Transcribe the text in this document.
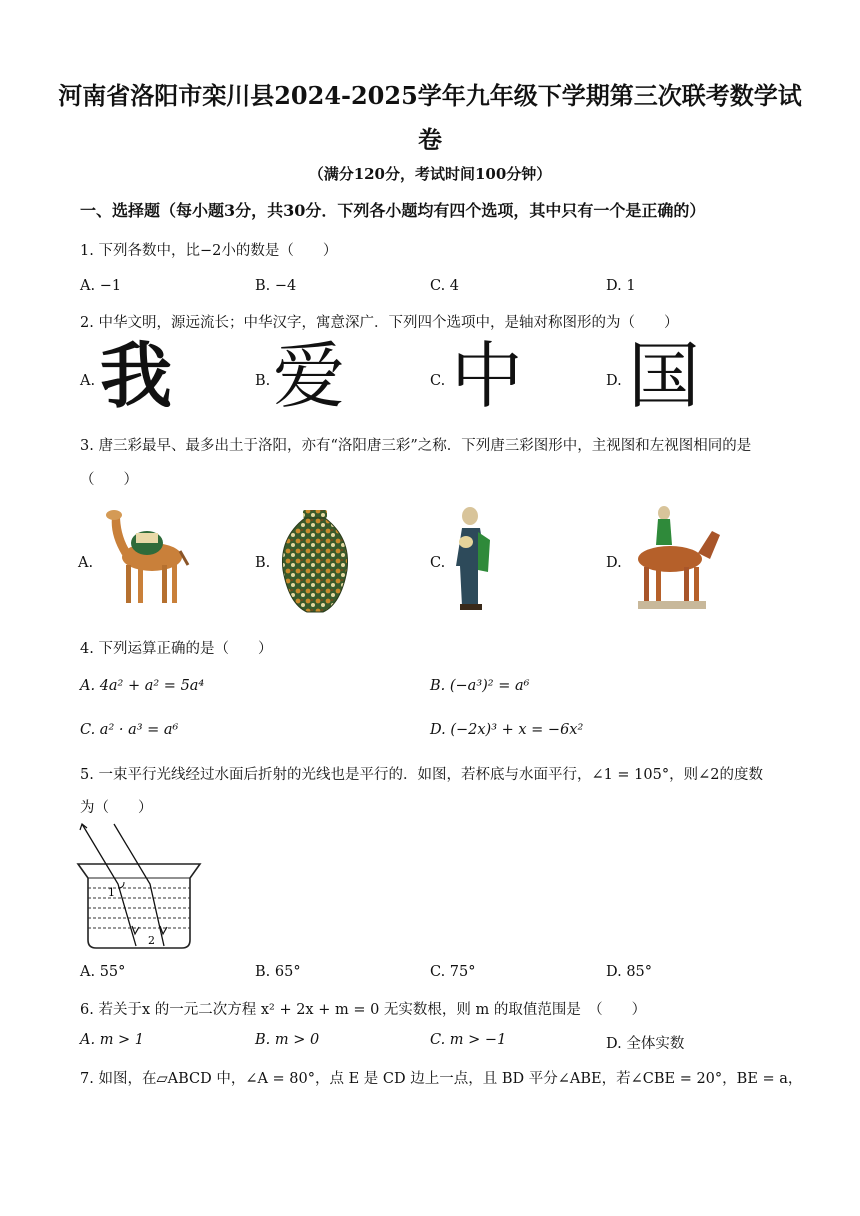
河南省洛阳市栾川县2024-2025学年九年级下学期第三次联考数学试
卷
（满分120分，考试时间100分钟）
一、选择题（每小题3分，共30分．下列各小题均有四个选项，其中只有一个是正确的）
1. 下列各数中，比−2小的数是（　　）
A. −1	B. −4	C. 4	D. 1
2. 中华文明，源远流长；中华汉字，寓意深广．下列四个选项中，是轴对称图形的为（　　）
A. 我	B. 爱	C. 中	D. 国
3. 唐三彩最早、最多出土于洛阳，亦有“洛阳唐三彩”之称．下列唐三彩图形中，主视图和左视图相同的是
（　　）
A.	B.	C.	D.
4. 下列运算正确的是（　　）
A. 4a² + a² = 5a⁴	B. (−a³)² = a⁶
C. a² · a³ = a⁶	D. (−2x)³ + x = −6x²
5. 一束平行光线经过水面后折射的光线也是平行的．如图，若杯底与水面平行，∠1 = 105°，则∠2的度数
为（　　）
1
2
A. 55°	B. 65°	C. 75°	D. 85°
6. 若关于x 的一元二次方程 x² + 2x + m = 0 无实数根，则 m 的取值范围是　（　　）
A. m > 1	B. m > 0	C. m > −1	D. 全体实数
7. 如图，在▱ABCD 中，∠A = 80°，点 E 是 CD 边上一点，且 BD 平分∠ABE，若∠CBE = 20°，BE = a，
